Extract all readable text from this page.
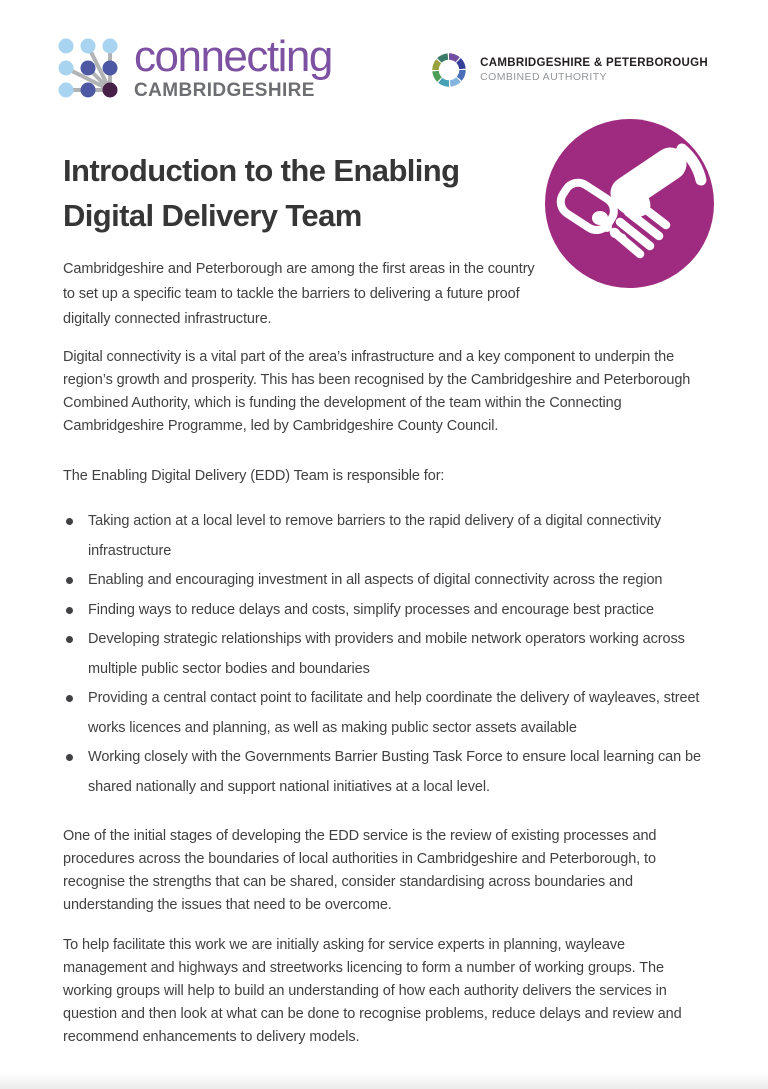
connecting
CAMBRIDGESHIRE
CAMBRIDGESHIRE & PETERBOROUGH
COMBINED AUTHORITY
Introduction to the Enabling
Digital Delivery Team

Cambridgeshire and Peterborough are among the first areas in the country to set up a specific team to tackle the barriers to delivering a future proof digitally connected infrastructure.

Digital connectivity is a vital part of the area’s infrastructure and a key component to underpin the region’s growth and prosperity. This has been recognised by the Cambridgeshire and Peterborough Combined Authority, which is funding the development of the team within the Connecting Cambridgeshire Programme, led by Cambridgeshire County Council.

The Enabling Digital Delivery (EDD) Team is responsible for:

Taking action at a local level to remove barriers to the rapid delivery of a digital connectivity infrastructure
Enabling and encouraging investment in all aspects of digital connectivity across the region
Finding ways to reduce delays and costs, simplify processes and encourage best practice
Developing strategic relationships with providers and mobile network operators working across multiple public sector bodies and boundaries
Providing a central contact point to facilitate and help coordinate the delivery of wayleaves, street works licences and planning, as well as making public sector assets available
Working closely with the Governments Barrier Busting Task Force to ensure local learning can be shared nationally and support national initiatives at a local level.

One of the initial stages of developing the EDD service is the review of existing processes and procedures across the boundaries of local authorities in Cambridgeshire and Peterborough, to recognise the strengths that can be shared, consider standardising across boundaries and understanding the issues that need to be overcome.

To help facilitate this work we are initially asking for service experts in planning, wayleave management and highways and streetworks licencing to form a number of working groups. The working groups will help to build an understanding of how each authority delivers the services in question and then look at what can be done to recognise problems, reduce delays and review and recommend enhancements to delivery models.
